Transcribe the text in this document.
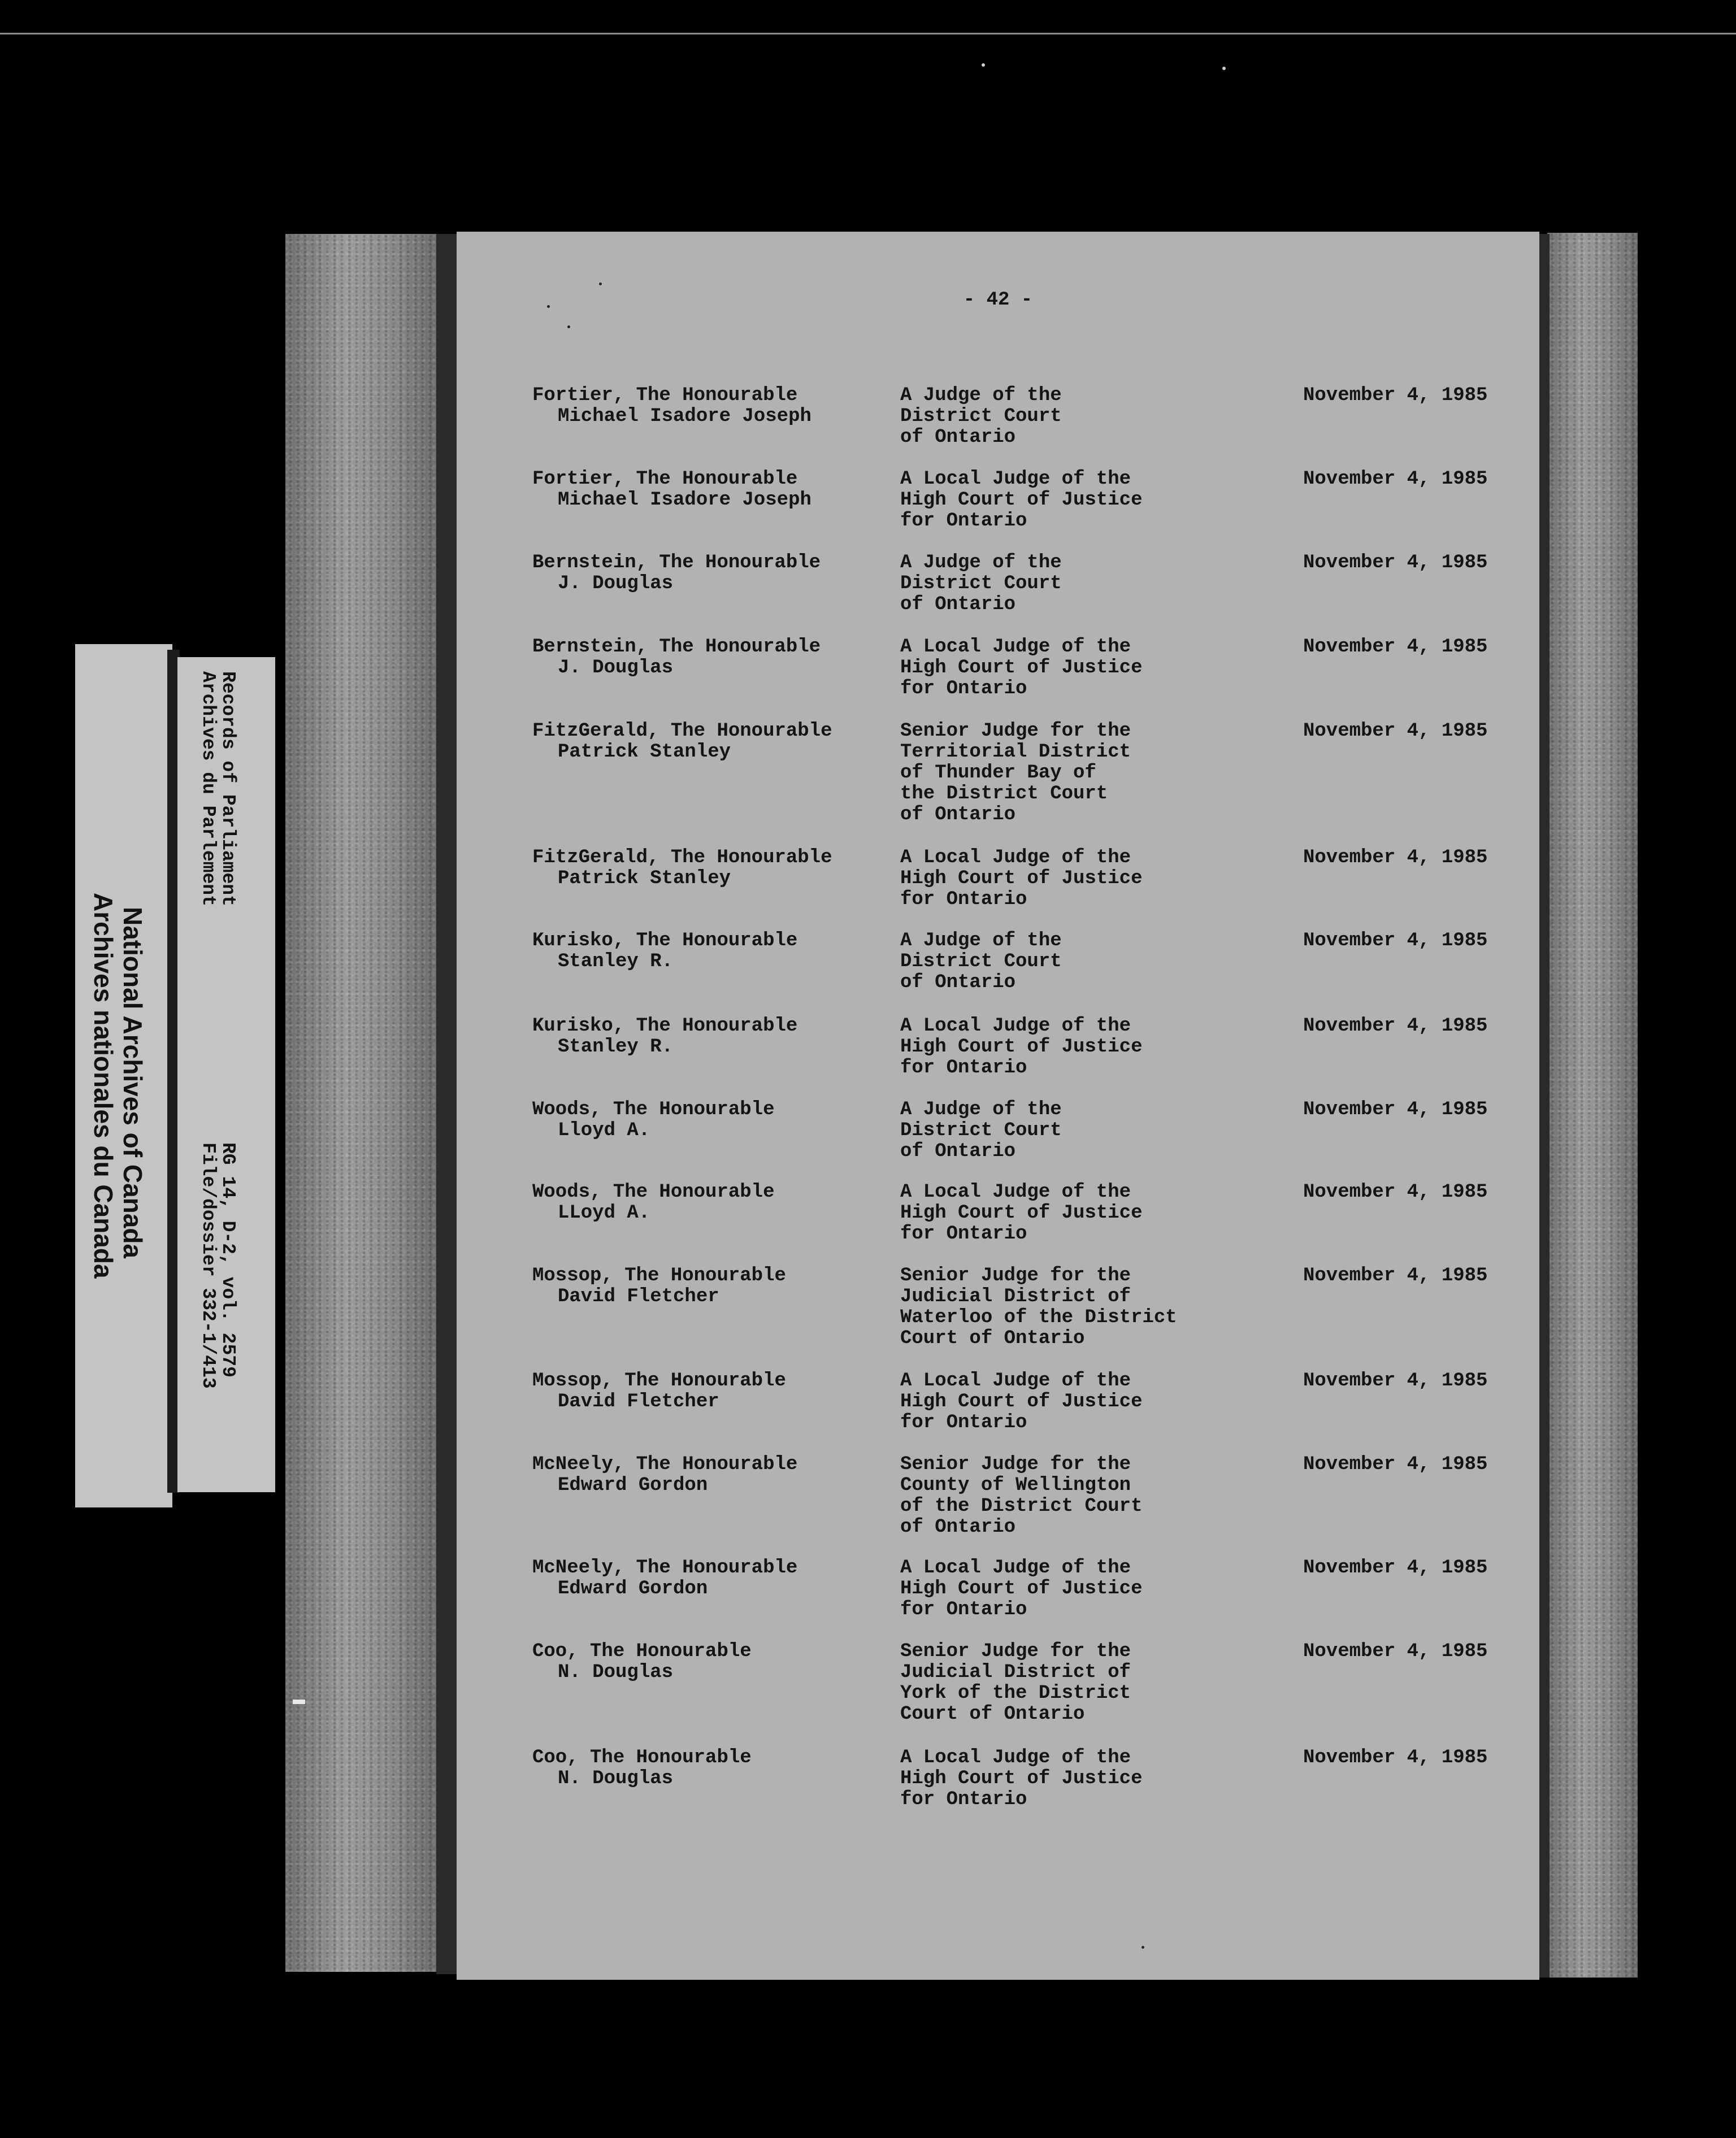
- 42 -
Fortier, The Honourable
Michael Isadore Joseph
A Judge of the
District Court
of Ontario
November 4, 1985
Fortier, The Honourable
Michael Isadore Joseph
A Local Judge of the
High Court of Justice
for Ontario
November 4, 1985
Bernstein, The Honourable
J. Douglas
A Judge of the
District Court
of Ontario
November 4, 1985
Bernstein, The Honourable
J. Douglas
A Local Judge of the
High Court of Justice
for Ontario
November 4, 1985
FitzGerald, The Honourable
Patrick Stanley
Senior Judge for the
Territorial District
of Thunder Bay of
the District Court
of Ontario
November 4, 1985
FitzGerald, The Honourable
Patrick Stanley
A Local Judge of the
High Court of Justice
for Ontario
November 4, 1985
Kurisko, The Honourable
Stanley R.
A Judge of the
District Court
of Ontario
November 4, 1985
Kurisko, The Honourable
Stanley R.
A Local Judge of the
High Court of Justice
for Ontario
November 4, 1985
Woods, The Honourable
Lloyd A.
A Judge of the
District Court
of Ontario
November 4, 1985
Woods, The Honourable
LLoyd A.
A Local Judge of the
High Court of Justice
for Ontario
November 4, 1985
Mossop, The Honourable
David Fletcher
Senior Judge for the
Judicial District of
Waterloo of the District
Court of Ontario
November 4, 1985
Mossop, The Honourable
David Fletcher
A Local Judge of the
High Court of Justice
for Ontario
November 4, 1985
McNeely, The Honourable
Edward Gordon
Senior Judge for the
County of Wellington
of the District Court
of Ontario
November 4, 1985
McNeely, The Honourable
Edward Gordon
A Local Judge of the
High Court of Justice
for Ontario
November 4, 1985
Coo, The Honourable
N. Douglas
Senior Judge for the
Judicial District of
York of the District
Court of Ontario
November 4, 1985
Coo, The Honourable
N. Douglas
A Local Judge of the
High Court of Justice
for Ontario
November 4, 1985
National Archives of Canada
Archives nationales du Canada
Records of Parliament
Archives du Parlement
RG 14, D-2, vol. 2579
File/dossier 332-1/413
